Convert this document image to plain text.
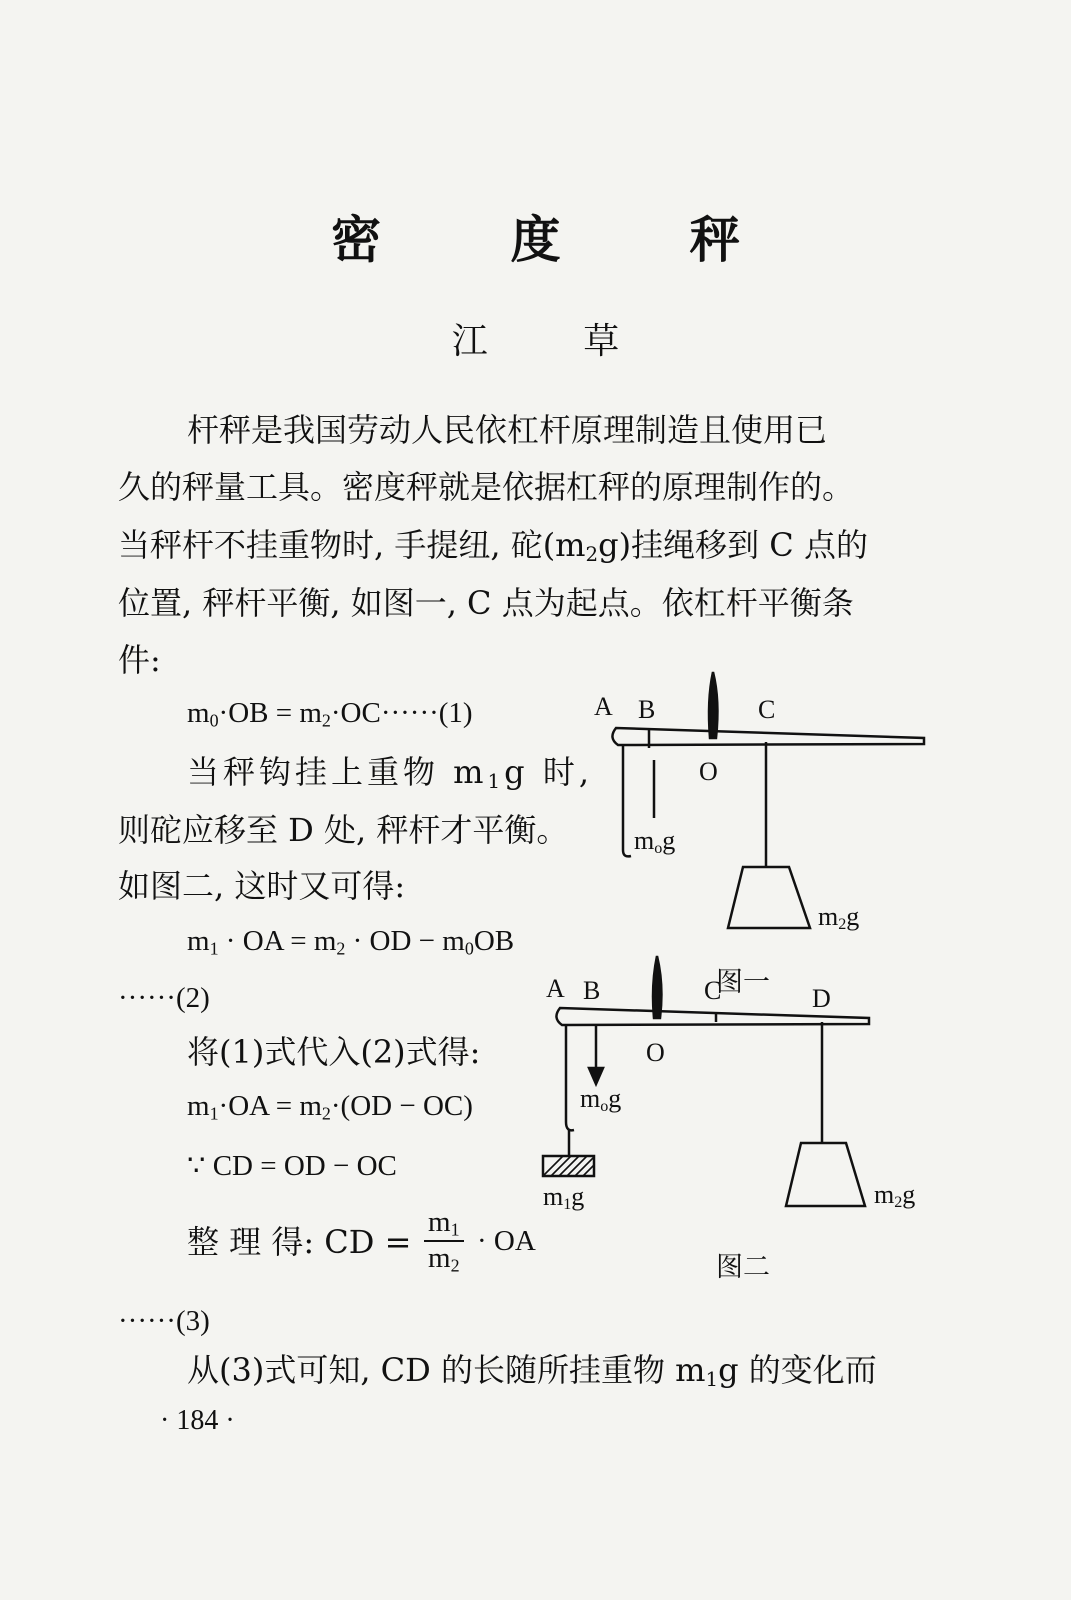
密 度 秤
江 草
杆秤是我国劳动人民依杠杆原理制造且使用已
久的秤量工具。密度秤就是依据杠秤的原理制作的。
当秤杆不挂重物时, 手提纽, 砣$(m_2g)$挂绳移到 C 点的
位置, 秤杆平衡, 如图一, C 点为起点。依杠杆平衡条
件:
$m_0\cdot OB = m_2\cdot OC\cdot\cdot\cdot\cdot\cdot\cdot(1)$
当秤钩挂上重物 $m_1g$ 时,
则砣应移至 D 处, 秤杆才平衡。
如图二, 这时又可得:
$m_1$ · OA = $m_2$ · OD − $m_0OB$
······(2)
将(1)式代入(2)式得:
$m_1\cdot OA = m_2\cdot(OD - OC)$
∵ CD = OD − OC
整 理 得: CD = $\frac{m_1}{m_2}$ · OA
······(3)
从(3)式可知, CD 的长随所挂重物 $m_1g$ 的变化而
· 184 ·
A B	C
O
$m_og$
$m_2g$
图一
A B	C	D
O
$m_og$
$m_1g$	$m_2g$
图二
